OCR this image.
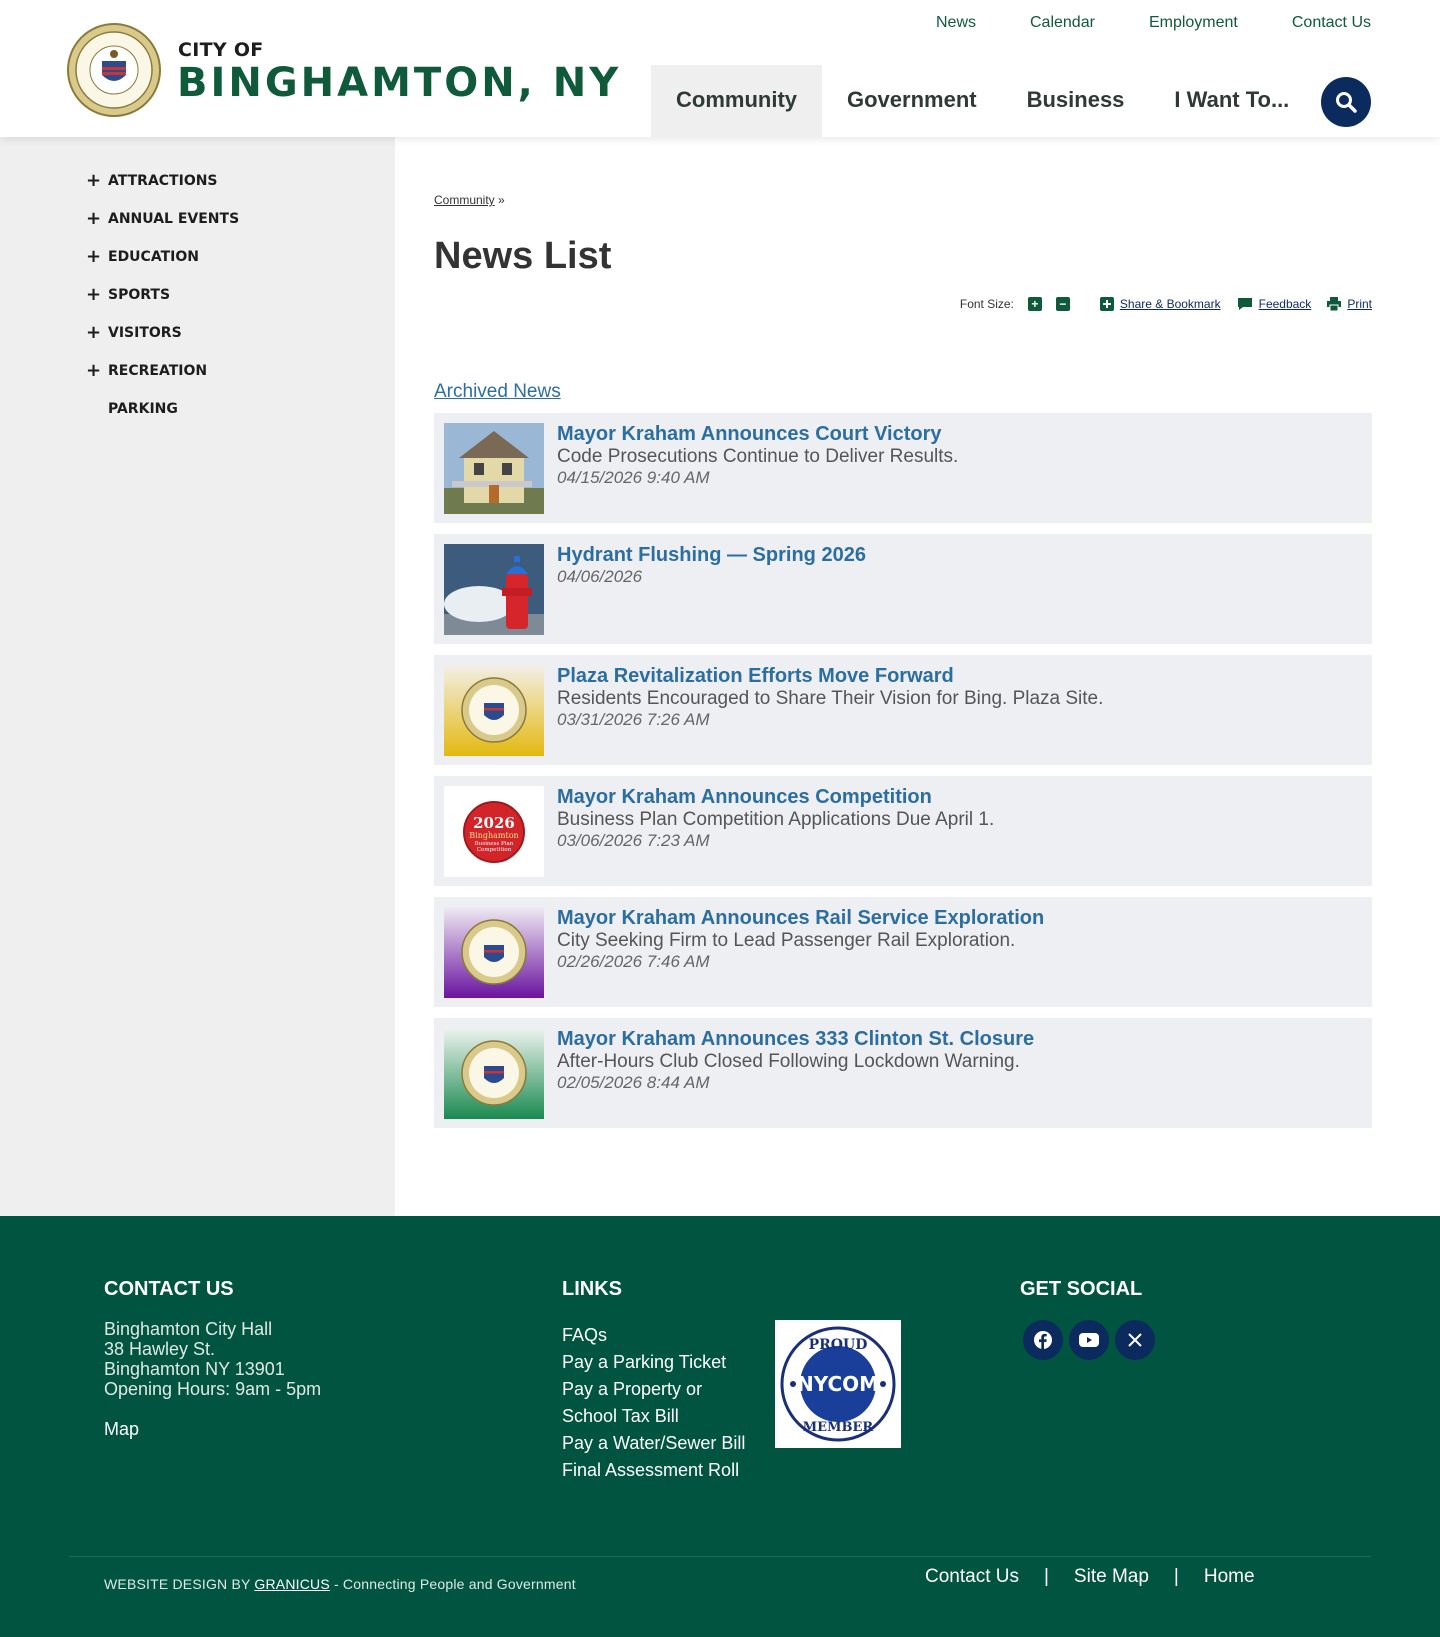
CITY OF
BINGHAMTON, NY
News	Calendar	Employment	Contact Us
Community	Government	Business	I Want To...
+ ATTRACTIONS
+ ANNUAL EVENTS
+ EDUCATION
+ SPORTS
+ VISITORS
+ RECREATION
PARKING
Community »
News List
Font Size: + −	Share & Bookmark	Feedback	Print
Archived News
Mayor Kraham Announces Court Victory
Code Prosecutions Continue to Deliver Results.
04/15/2026 9:40 AM
Hydrant Flushing — Spring 2026
04/06/2026
Plaza Revitalization Efforts Move Forward
Residents Encouraged to Share Their Vision for Bing. Plaza Site.
03/31/2026 7:26 AM
2026
Binghamton
Business Plan
Competition
Mayor Kraham Announces Competition
Business Plan Competition Applications Due April 1.
03/06/2026 7:23 AM
Mayor Kraham Announces Rail Service Exploration
City Seeking Firm to Lead Passenger Rail Exploration.
02/26/2026 7:46 AM
Mayor Kraham Announces 333 Clinton St. Closure
After-Hours Club Closed Following Lockdown Warning.
02/05/2026 8:44 AM
CONTACT US
Binghamton City Hall
38 Hawley St.
Binghamton NY 13901
Opening Hours: 9am - 5pm
Map
LINKS
FAQs
Pay a Parking Ticket
Pay a Property or School Tax Bill
Pay a Water/Sewer Bill
Final Assessment Roll
PROUD
NYCOM
MEMBER
GET SOCIAL
WEBSITE DESIGN BY GRANICUS - Connecting People and Government	Contact Us | Site Map | Home
